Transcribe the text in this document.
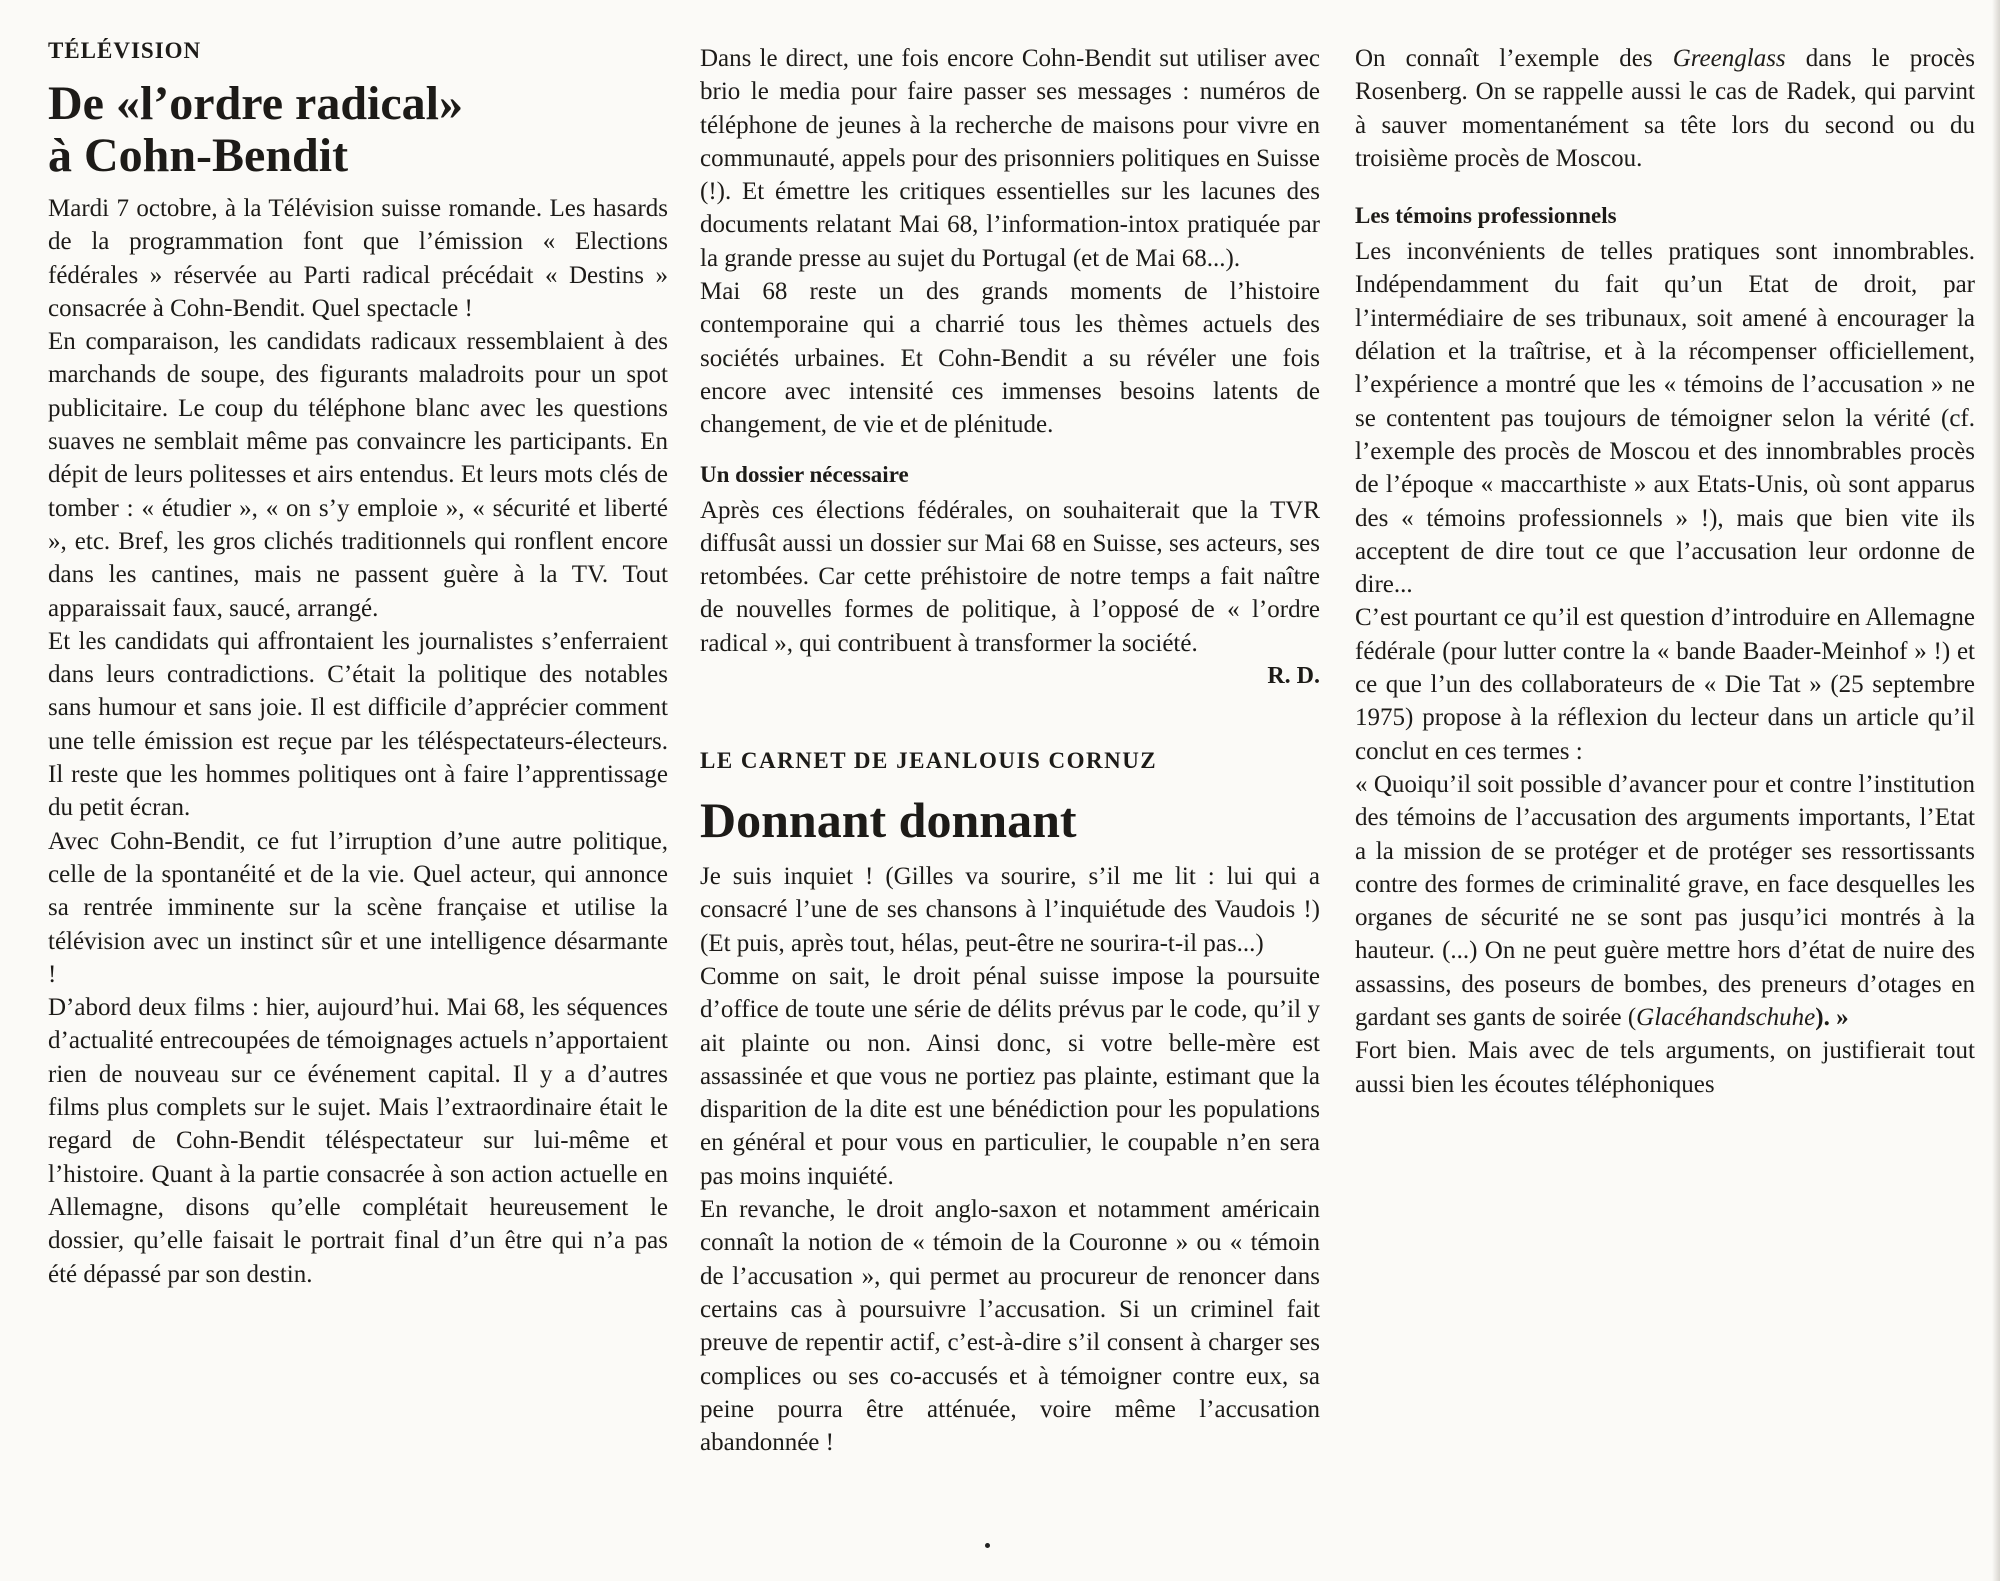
TÉLÉVISION
De «l’ordre radical»
à Cohn-Bendit

Mardi 7 octobre, à la Télévision suisse romande. Les hasards de la programmation font que l’émission « Elections fédérales » réservée au Parti radical précédait « Destins » consacrée à Cohn-Bendit. Quel spectacle !

En comparaison, les candidats radicaux ressemblaient à des marchands de soupe, des figurants maladroits pour un spot publicitaire. Le coup du téléphone blanc avec les questions suaves ne semblait même pas convaincre les participants. En dépit de leurs politesses et airs entendus. Et leurs mots clés de tomber : « étudier », « on s’y emploie », « sécurité et liberté », etc. Bref, les gros clichés traditionnels qui ronflent encore dans les cantines, mais ne passent guère à la TV. Tout apparaissait faux, saucé, arrangé.

Et les candidats qui affrontaient les journalistes s’enferraient dans leurs contradictions. C’était la politique des notables sans humour et sans joie. Il est difficile d’apprécier comment une telle émission est reçue par les téléspectateurs-électeurs. Il reste que les hommes politiques ont à faire l’apprentissage du petit écran.

Avec Cohn-Bendit, ce fut l’irruption d’une autre politique, celle de la spontanéité et de la vie. Quel acteur, qui annonce sa rentrée imminente sur la scène française et utilise la télévision avec un instinct sûr et une intelligence désarmante !

D’abord deux films : hier, aujourd’hui. Mai 68, les séquences d’actualité entrecoupées de témoignages actuels n’apportaient rien de nouveau sur ce événement capital. Il y a d’autres films plus complets sur le sujet. Mais l’extraordinaire était le regard de Cohn-Bendit téléspectateur sur lui-même et l’histoire. Quant à la partie consacrée à son action actuelle en Allemagne, disons qu’elle complétait heureusement le dossier, qu’elle faisait le portrait final d’un être qui n’a pas été dépassé par son destin.

Dans le direct, une fois encore Cohn-Bendit sut utiliser avec brio le media pour faire passer ses messages : numéros de téléphone de jeunes à la recherche de maisons pour vivre en communauté, appels pour des prisonniers politiques en Suisse (!). Et émettre les critiques essentielles sur les lacunes des documents relatant Mai 68, l’information-intox pratiquée par la grande presse au sujet du Portugal (et de Mai 68...).

Mai 68 reste un des grands moments de l’histoire contemporaine qui a charrié tous les thèmes actuels des sociétés urbaines. Et Cohn-Bendit a su révéler une fois encore avec intensité ces immenses besoins latents de changement, de vie et de plénitude.

Un dossier nécessaire

Après ces élections fédérales, on souhaiterait que la TVR diffusât aussi un dossier sur Mai 68 en Suisse, ses acteurs, ses retombées. Car cette préhistoire de notre temps a fait naître de nouvelles formes de politique, à l’opposé de « l’ordre radical », qui contribuent à transformer la société.

R. D.

LE CARNET DE JEANLOUIS CORNUZ
Donnant donnant

Je suis inquiet ! (Gilles va sourire, s’il me lit : lui qui a consacré l’une de ses chansons à l’inquiétude des Vaudois !) (Et puis, après tout, hélas, peut-être ne sourira-t-il pas...)

Comme on sait, le droit pénal suisse impose la poursuite d’office de toute une série de délits prévus par le code, qu’il y ait plainte ou non. Ainsi donc, si votre belle-mère est assassinée et que vous ne portiez pas plainte, estimant que la disparition de la dite est une bénédiction pour les populations en général et pour vous en particulier, le coupable n’en sera pas moins inquiété.

En revanche, le droit anglo-saxon et notamment américain connaît la notion de « témoin de la Couronne » ou « témoin de l’accusation », qui permet au procureur de renoncer dans certains cas à poursuivre l’accusation. Si un criminel fait preuve de repentir actif, c’est-à-dire s’il consent à charger ses complices ou ses co-accusés et à témoigner contre eux, sa peine pourra être atténuée, voire même l’accusation abandonnée !

On connaît l’exemple des Greenglass dans le procès Rosenberg. On se rappelle aussi le cas de Radek, qui parvint à sauver momentanément sa tête lors du second ou du troisième procès de Moscou.

Les témoins professionnels

Les inconvénients de telles pratiques sont innombrables. Indépendamment du fait qu’un Etat de droit, par l’intermédiaire de ses tribunaux, soit amené à encourager la délation et la traîtrise, et à la récompenser officiellement, l’expérience a montré que les « témoins de l’accusation » ne se contentent pas toujours de témoigner selon la vérité (cf. l’exemple des procès de Moscou et des innombrables procès de l’époque « maccarthiste » aux Etats-Unis, où sont apparus des « témoins professionnels » !), mais que bien vite ils acceptent de dire tout ce que l’accusation leur ordonne de dire...

C’est pourtant ce qu’il est question d’introduire en Allemagne fédérale (pour lutter contre la « bande Baader-Meinhof » !) et ce que l’un des collaborateurs de « Die Tat » (25 septembre 1975) propose à la réflexion du lecteur dans un article qu’il conclut en ces termes :

« Quoiqu’il soit possible d’avancer pour et contre l’institution des témoins de l’accusation des arguments importants, l’Etat a la mission de se protéger et de protéger ses ressortissants contre des formes de criminalité grave, en face desquelles les organes de sécurité ne se sont pas jusqu’ici montrés à la hauteur. (...) On ne peut guère mettre hors d’état de nuire des assassins, des poseurs de bombes, des preneurs d’otages en gardant ses gants de soirée (Glacéhandschuhe). »

Fort bien. Mais avec de tels arguments, on justifierait tout aussi bien les écoutes téléphoniques
